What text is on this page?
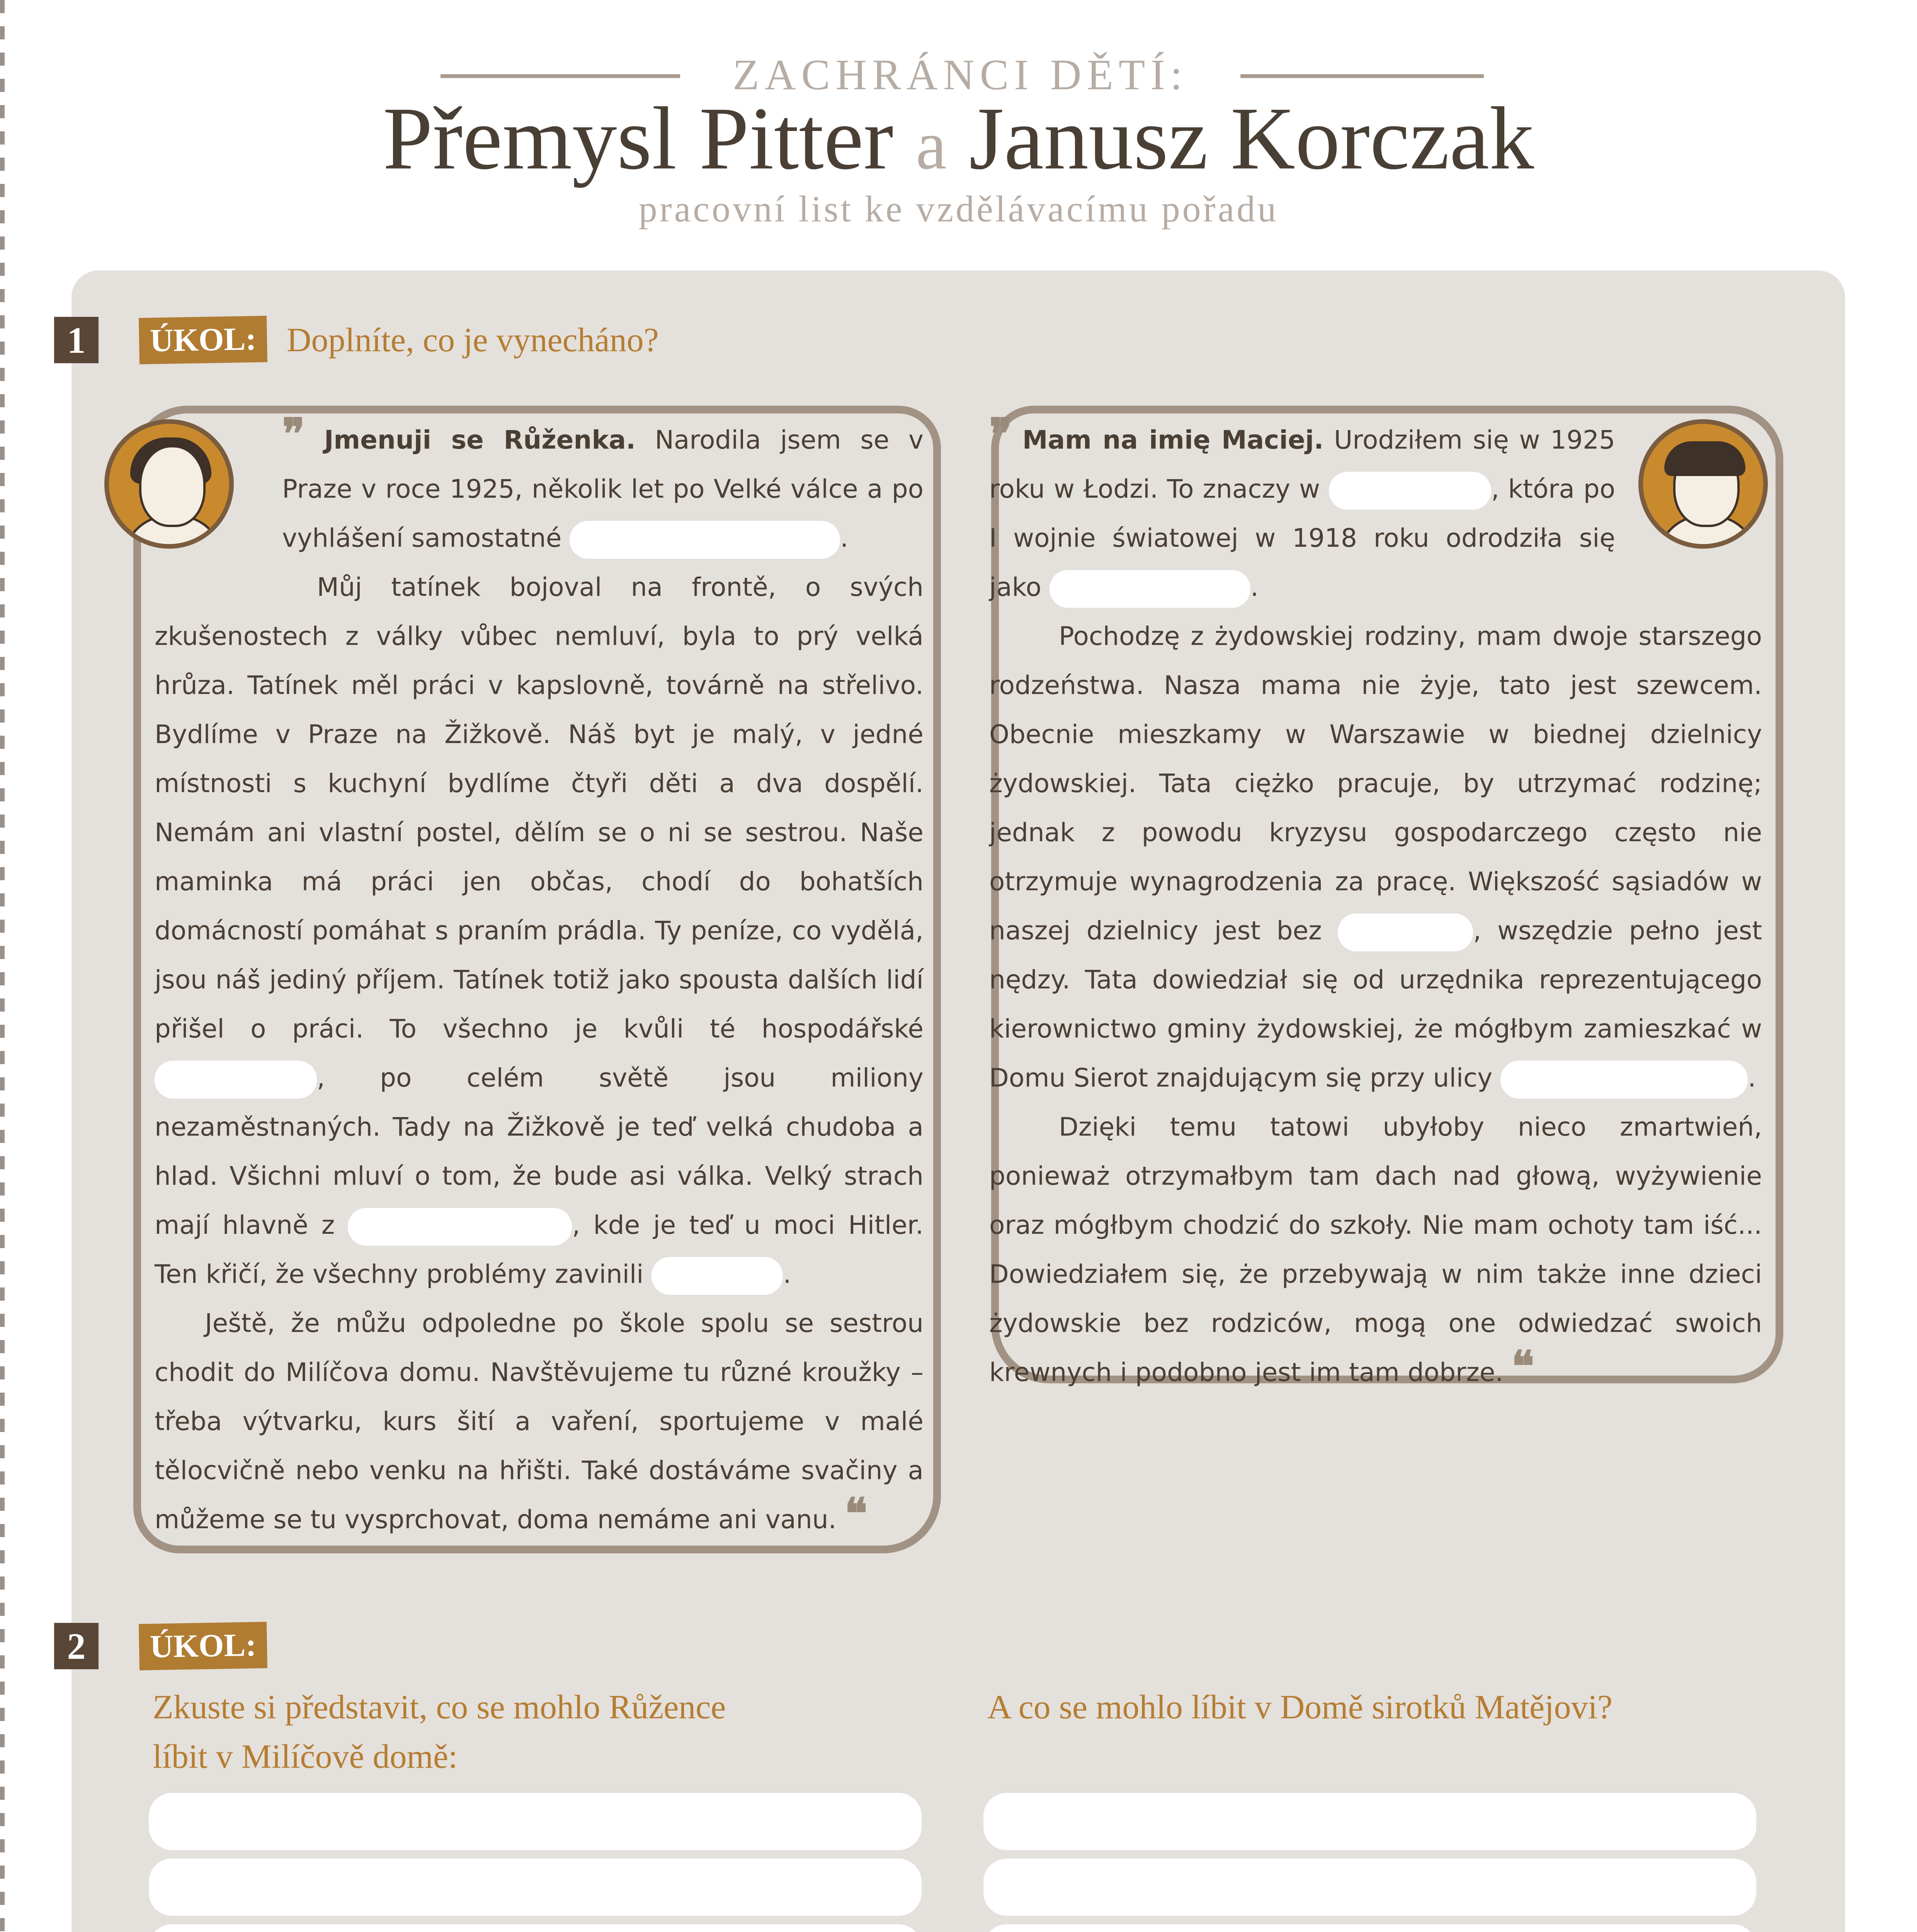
ZACHRÁNCI DĚTÍ:
Přemysl Pitter a Janusz Korczak
pracovní list ke vzdělávacímu pořadu
1	ÚKOL: Doplníte, co je vynecháno?

❞ Jmenuji se Růženka. Narodila jsem se v Praze v roce 1925, několik let po Velké válce a po vyhlášení samostatné	.

Můj tatínek bojoval na frontě, o svých zkušenostech z války vůbec nemluví, byla to prý velká hrůza. Tatínek měl práci v kapslovně, továrně na střelivo. Bydlíme v Praze na Žižkově. Náš byt je malý, v jedné místnosti s kuchyní bydlíme čtyři děti a dva dospělí. Nemám ani vlastní postel, dělím se o ni se sestrou. Naše maminka má práci jen občas, chodí do bohatších domácností pomáhat s praním prádla. Ty peníze, co vydělá, jsou náš jediný příjem. Tatínek totiž jako spousta dalších lidí přišel o práci. To všechno je kvůli té hospodářské , po celém světě jsou miliony nezaměstnaných. Tady na Žižkově je teď velká chudoba a hlad. Všichni mluví o tom, že bude asi válka. Velký strach mají hlavně z	, kde je teď u moci Hitler. Ten křičí, že všechny problémy zavinili	.

Ještě, že můžu odpoledne po škole spolu se sestrou chodit do Milíčova domu. Navštěvujeme tu různé kroužky – třeba výtvarku, kurs šití a vaření, sportujeme v malé tělocvičně nebo venku na hřišti. Také dostáváme svačiny a můžeme se tu vysprchovat, doma nemáme ani vanu. ❝

❞ Mam na imię Maciej. Urodziłem się w 1925 roku w Łodzi. To znaczy w	, która po I wojnie światowej w 1918 roku odrodziła się jako	.

Pochodzę z żydowskiej rodziny, mam dwoje starszego rodzeństwa. Nasza mama nie żyje, tato jest szewcem. Obecnie mieszkamy w Warszawie w biednej dzielnicy żydowskiej. Tata ciężko pracuje, by utrzymać rodzinę; jednak z powodu kryzysu gospodarczego często nie otrzymuje wynagrodzenia za pracę. Większość sąsiadów w naszej dzielnicy jest bez	, wszędzie pełno jest nędzy. Tata dowiedział się od urzędnika reprezentującego kierownictwo gminy żydowskiej, że mógłbym zamieszkać w Domu Sierot znajdującym się przy ulicy	.

Dzięki temu tatowi ubyłoby nieco zmartwień, ponieważ otrzymałbym tam dach nad głową, wyżywienie oraz mógłbym chodzić do szkoły. Nie mam ochoty tam iść... Dowiedziałem się, że przebywają w nim także inne dzieci żydowskie bez rodziców, mogą one odwiedzać swoich krewnych i podobno jest im tam dobrze. ❝

2	ÚKOL:
Zkuste si představit, co se mohlo Růžence
líbit v Milíčově domě:
A co se mohlo líbit v Domě sirotků Matějovi?
